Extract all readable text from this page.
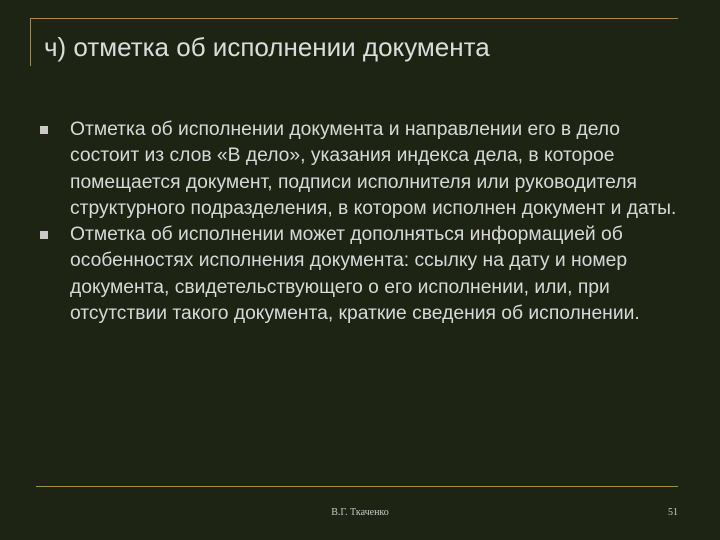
ч) отметка об исполнении документа
Отметка об исполнении документа и направлении его в дело состоит из слов «В дело», указания индекса дела, в которое помещается документ, подписи исполнителя или руководителя структурного подразделения, в котором исполнен документ и даты.
Отметка об исполнении может дополняться информацией об особенностях исполнения документа: ссылку на дату и номер документа, свидетельствующего о его исполнении, или, при отсутствии такого документа, краткие сведения об исполнении.
В.Г. Ткаченко	51
